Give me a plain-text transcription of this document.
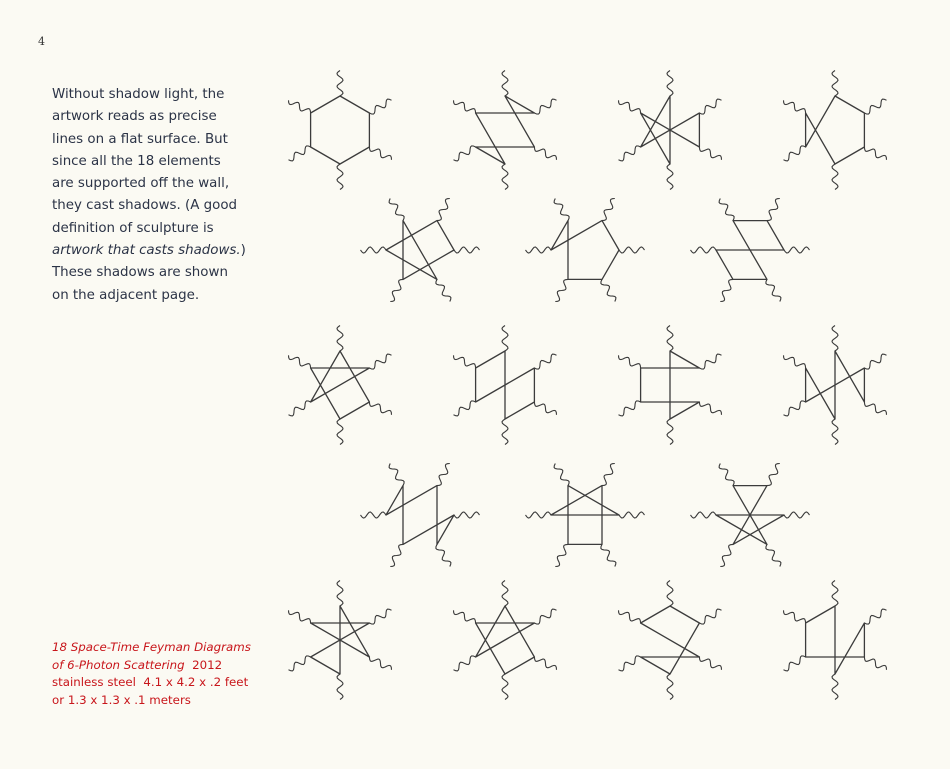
4

Without shadow light, the
artwork reads as precise
lines on a flat surface. But
since all the 18 elements
are supported off the wall,
they cast shadows. (A good
definition of sculpture is
artwork that casts shadows.)
These shadows are shown
on the adjacent page.

18 Space-Time Feyman Diagrams
of 6-Photon Scattering 2012
stainless steel 4.1 x 4.2 x .2 feet
or 1.3 x 1.3 x .1 meters
